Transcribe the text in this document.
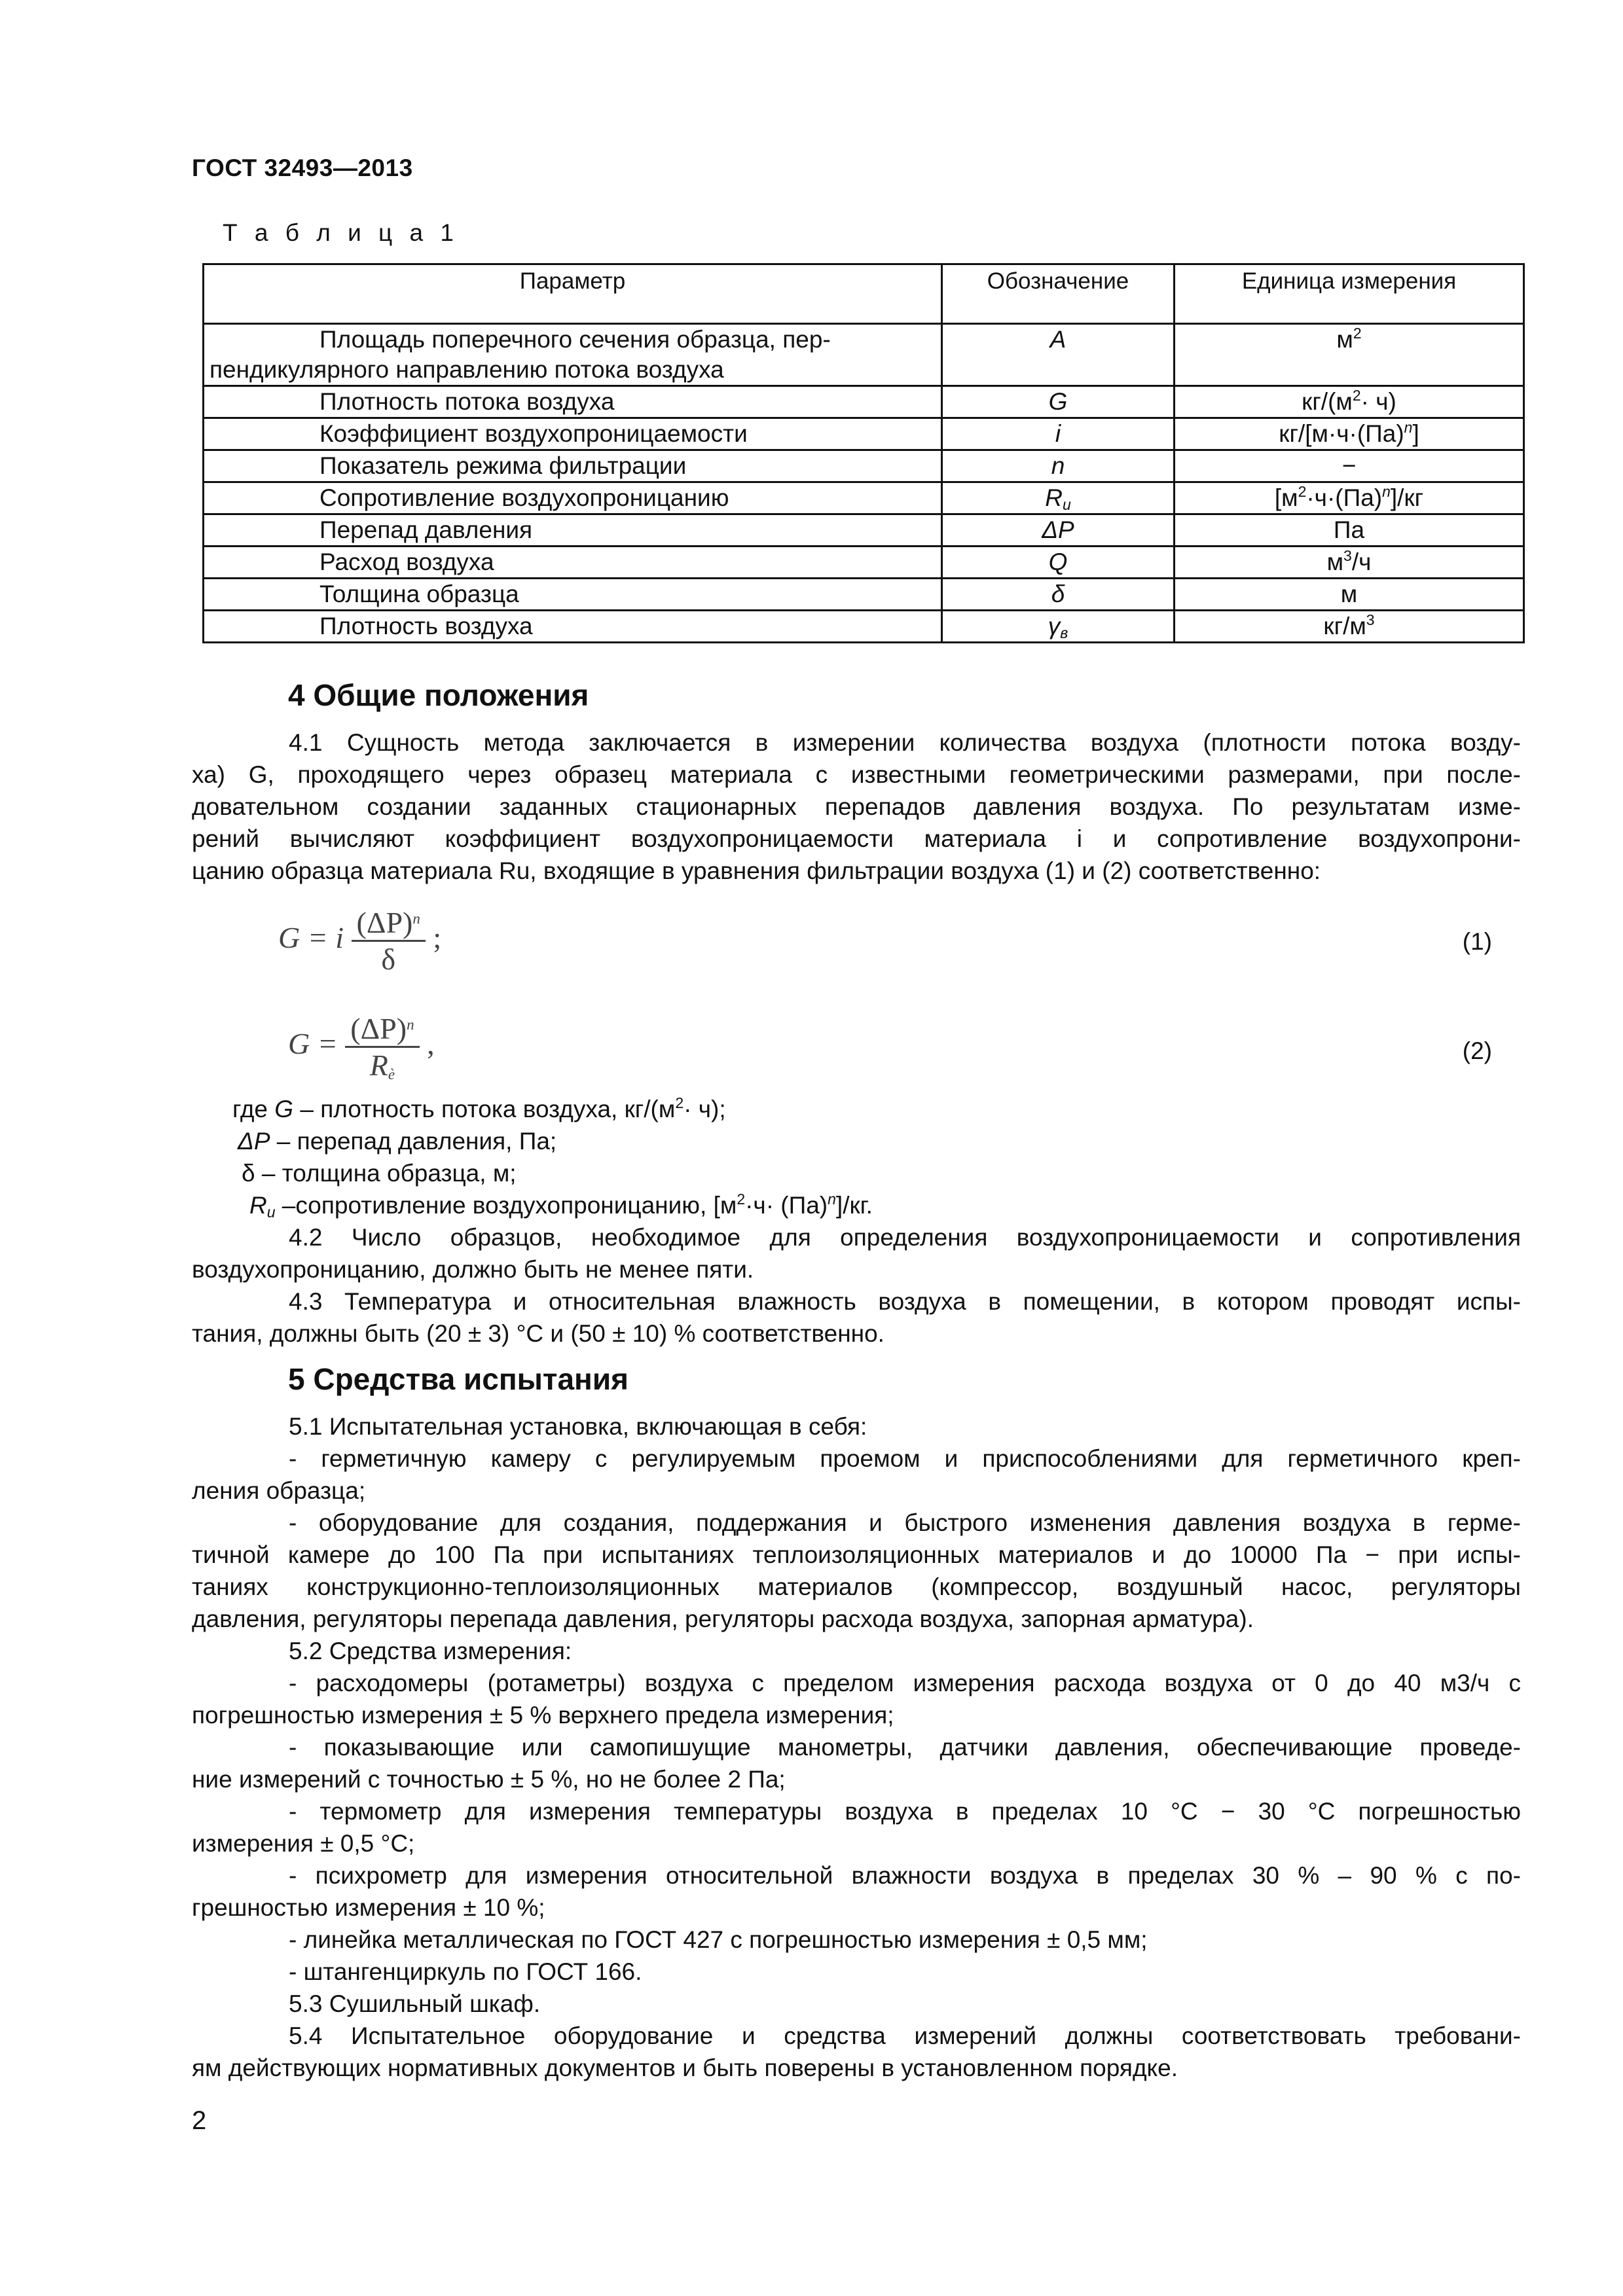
ГОСТ 32493—2013
Т а б л и ц а 1
Параметр	Обозначение	Единица измерения

Площадь поперечного сечения образца, пер-
пендикулярного направлению потока воздуха	A	$м^2$

Плотность потока воздуха	G	$кг/(м^2\cdot ч)$

Коэффициент воздухопроницаемости	i	кг/[м·ч·(Па)$^n$]

Показатель режима фильтрации	n	−

Сопротивление воздухопроницанию	$R_u$	$[м^2\cdot ч\cdot(Па)^n]/кг$

Перепад давления	ΔP	Па

Расход воздуха	Q	$м^3/ч$

Толщина образца	δ	м

Плотность воздуха	$\gamma_в$	$кг/м^3$
4 Общие положения
4.1 Сущность метода заключается в измерении количества воздуха (плотности потока возду-
ха) G, проходящего через образец материала с известными геометрическими размерами, при после-
довательном создании заданных стационарных перепадов давления воздуха. По результатам изме-
рений вычисляют коэффициент воздухопроницаемости материала i и сопротивление воздухопрони-
цанию образца материала Ru, входящие в уравнения фильтрации воздуха (1) и (2) соответственно:
G = i $\frac{(\Delta P)^n}{\delta}$ ;	(1)
$G = \frac{(\Delta P)^n}{R_è}$ ,	(2)
где G – плотность потока воздуха, $кг/(м^2\cdot ч)$;
ΔP – перепад давления, Па;
δ – толщина образца, м;
$R_u$ –сопротивление воздухопроницанию, $[м^2\cdot ч\cdot (Па)^n]/кг$.
4.2 Число образцов, необходимое для определения воздухопроницаемости и сопротивления
воздухопроницанию, должно быть не менее пяти.
4.3 Температура и относительная влажность воздуха в помещении, в котором проводят испы-
тания, должны быть (20 ± 3) °С и (50 ± 10) % соответственно.
5 Средства испытания
5.1 Испытательная установка, включающая в себя:
- герметичную камеру с регулируемым проемом и приспособлениями для герметичного креп-
ления образца;
- оборудование для создания, поддержания и быстрого изменения давления воздуха в герме-
тичной камере до 100 Па при испытаниях теплоизоляционных материалов и до 10000 Па − при испы-
таниях конструкционно-теплоизоляционных материалов (компрессор, воздушный насос, регуляторы
давления, регуляторы перепада давления, регуляторы расхода воздуха, запорная арматура).
5.2 Средства измерения:
- расходомеры (ротаметры) воздуха с пределом измерения расхода воздуха от 0 до 40 м3/ч с
погрешностью измерения ± 5 % верхнего предела измерения;
- показывающие или самопишущие манометры, датчики давления, обеспечивающие проведе-
ние измерений с точностью ± 5 %, но не более 2 Па;
- термометр для измерения температуры воздуха в пределах 10 °С − 30 °С погрешностью
измерения ± 0,5 °С;
- психрометр для измерения относительной влажности воздуха в пределах 30 % – 90 % с по-
грешностью измерения ± 10 %;
- линейка металлическая по ГОСТ 427 с погрешностью измерения ± 0,5 мм;
- штангенциркуль по ГОСТ 166.
5.3 Сушильный шкаф.
5.4 Испытательное оборудование и средства измерений должны соответствовать требовани-
ям действующих нормативных документов и быть поверены в установленном порядке.
2
